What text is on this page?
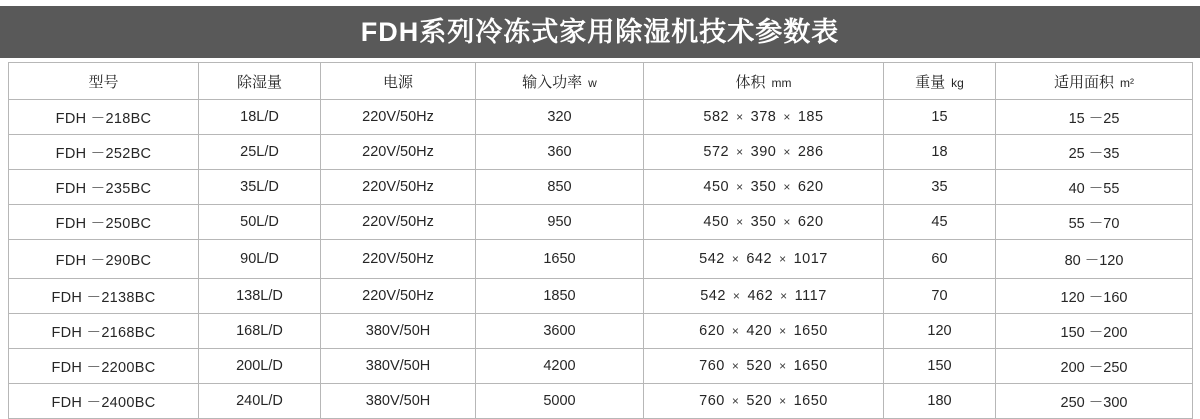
FDH系列冷冻式家用除湿机技术参数表
型号	除湿量	电源	输入功率 w	体积 mm	重量 kg	适用面积 m²
FDH －218BC	18L/D	220V/50Hz	320	582 × 378 × 185	15	15 －25
FDH －252BC	25L/D	220V/50Hz	360	572 × 390 × 286	18	25 －35
FDH －235BC	35L/D	220V/50Hz	850	450 × 350 × 620	35	40 －55
FDH －250BC	50L/D	220V/50Hz	950	450 × 350 × 620	45	55 －70
FDH －290BC	90L/D	220V/50Hz	1650	542 × 642 × 1017	60	80 －120
FDH －2138BC	138L/D	220V/50Hz	1850	542 × 462 × 1117	70	120 －160
FDH －2168BC	168L/D	380V/50H	3600	620 × 420 × 1650	120	150 －200
FDH －2200BC	200L/D	380V/50H	4200	760 × 520 × 1650	150	200 －250
FDH －2400BC	240L/D	380V/50H	5000	760 × 520 × 1650	180	250 －300
